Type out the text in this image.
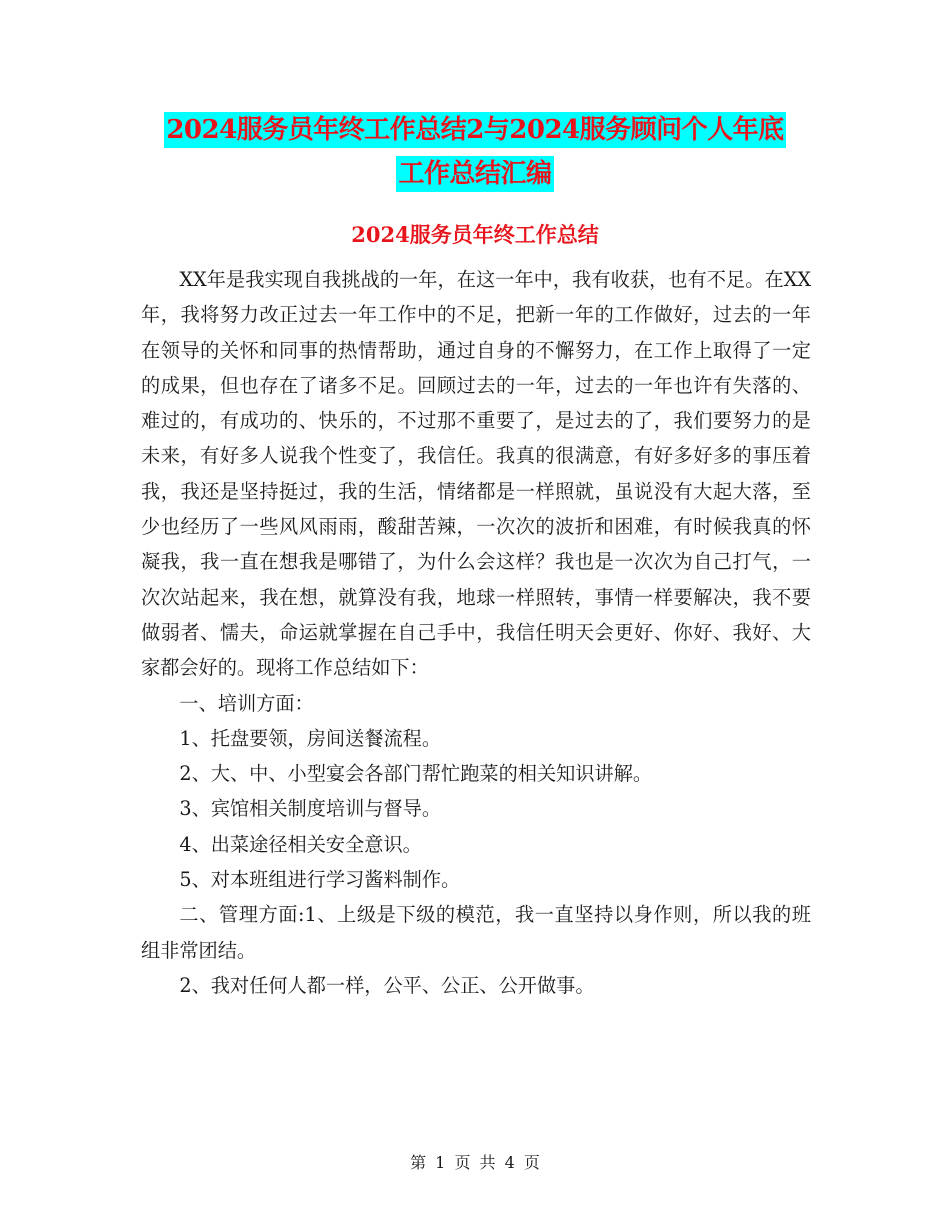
2024服务员年终工作总结2与2024服务顾问个人年底
工作总结汇编
2024服务员年终工作总结

XX年是我实现自我挑战的一年，在这一年中，我有收获，也有不足。在XX年，我将努力改正过去一年工作中的不足，把新一年的工作做好，过去的一年在领导的关怀和同事的热情帮助，通过自身的不懈努力，在工作上取得了一定的成果，但也存在了诸多不足。回顾过去的一年，过去的一年也许有失落的、难过的，有成功的、快乐的，不过那不重要了，是过去的了，我们要努力的是未来，有好多人说我个性变了，我信任。我真的很满意，有好多好多的事压着我，我还是坚持挺过，我的生活，情绪都是一样照就，虽说没有大起大落，至少也经历了一些风风雨雨，酸甜苦辣，一次次的波折和困难，有时候我真的怀凝我，我一直在想我是哪错了，为什么会这样？我也是一次次为自己打气，一次次站起来，我在想，就算没有我，地球一样照转，事情一样要解决，我不要做弱者、懦夫，命运就掌握在自己手中，我信任明天会更好、你好、我好、大家都会好的。现将工作总结如下：

一、培训方面：

1、托盘要领，房间送餐流程。

2、大、中、小型宴会各部门帮忙跑菜的相关知识讲解。

3、宾馆相关制度培训与督导。

4、出菜途径相关安全意识。

5、对本班组进行学习酱料制作。

二、管理方面:1、上级是下级的模范，我一直坚持以身作则，所以我的班组非常团结。

2、我对任何人都一样，公平、公正、公开做事。

第 1 页 共 4 页
